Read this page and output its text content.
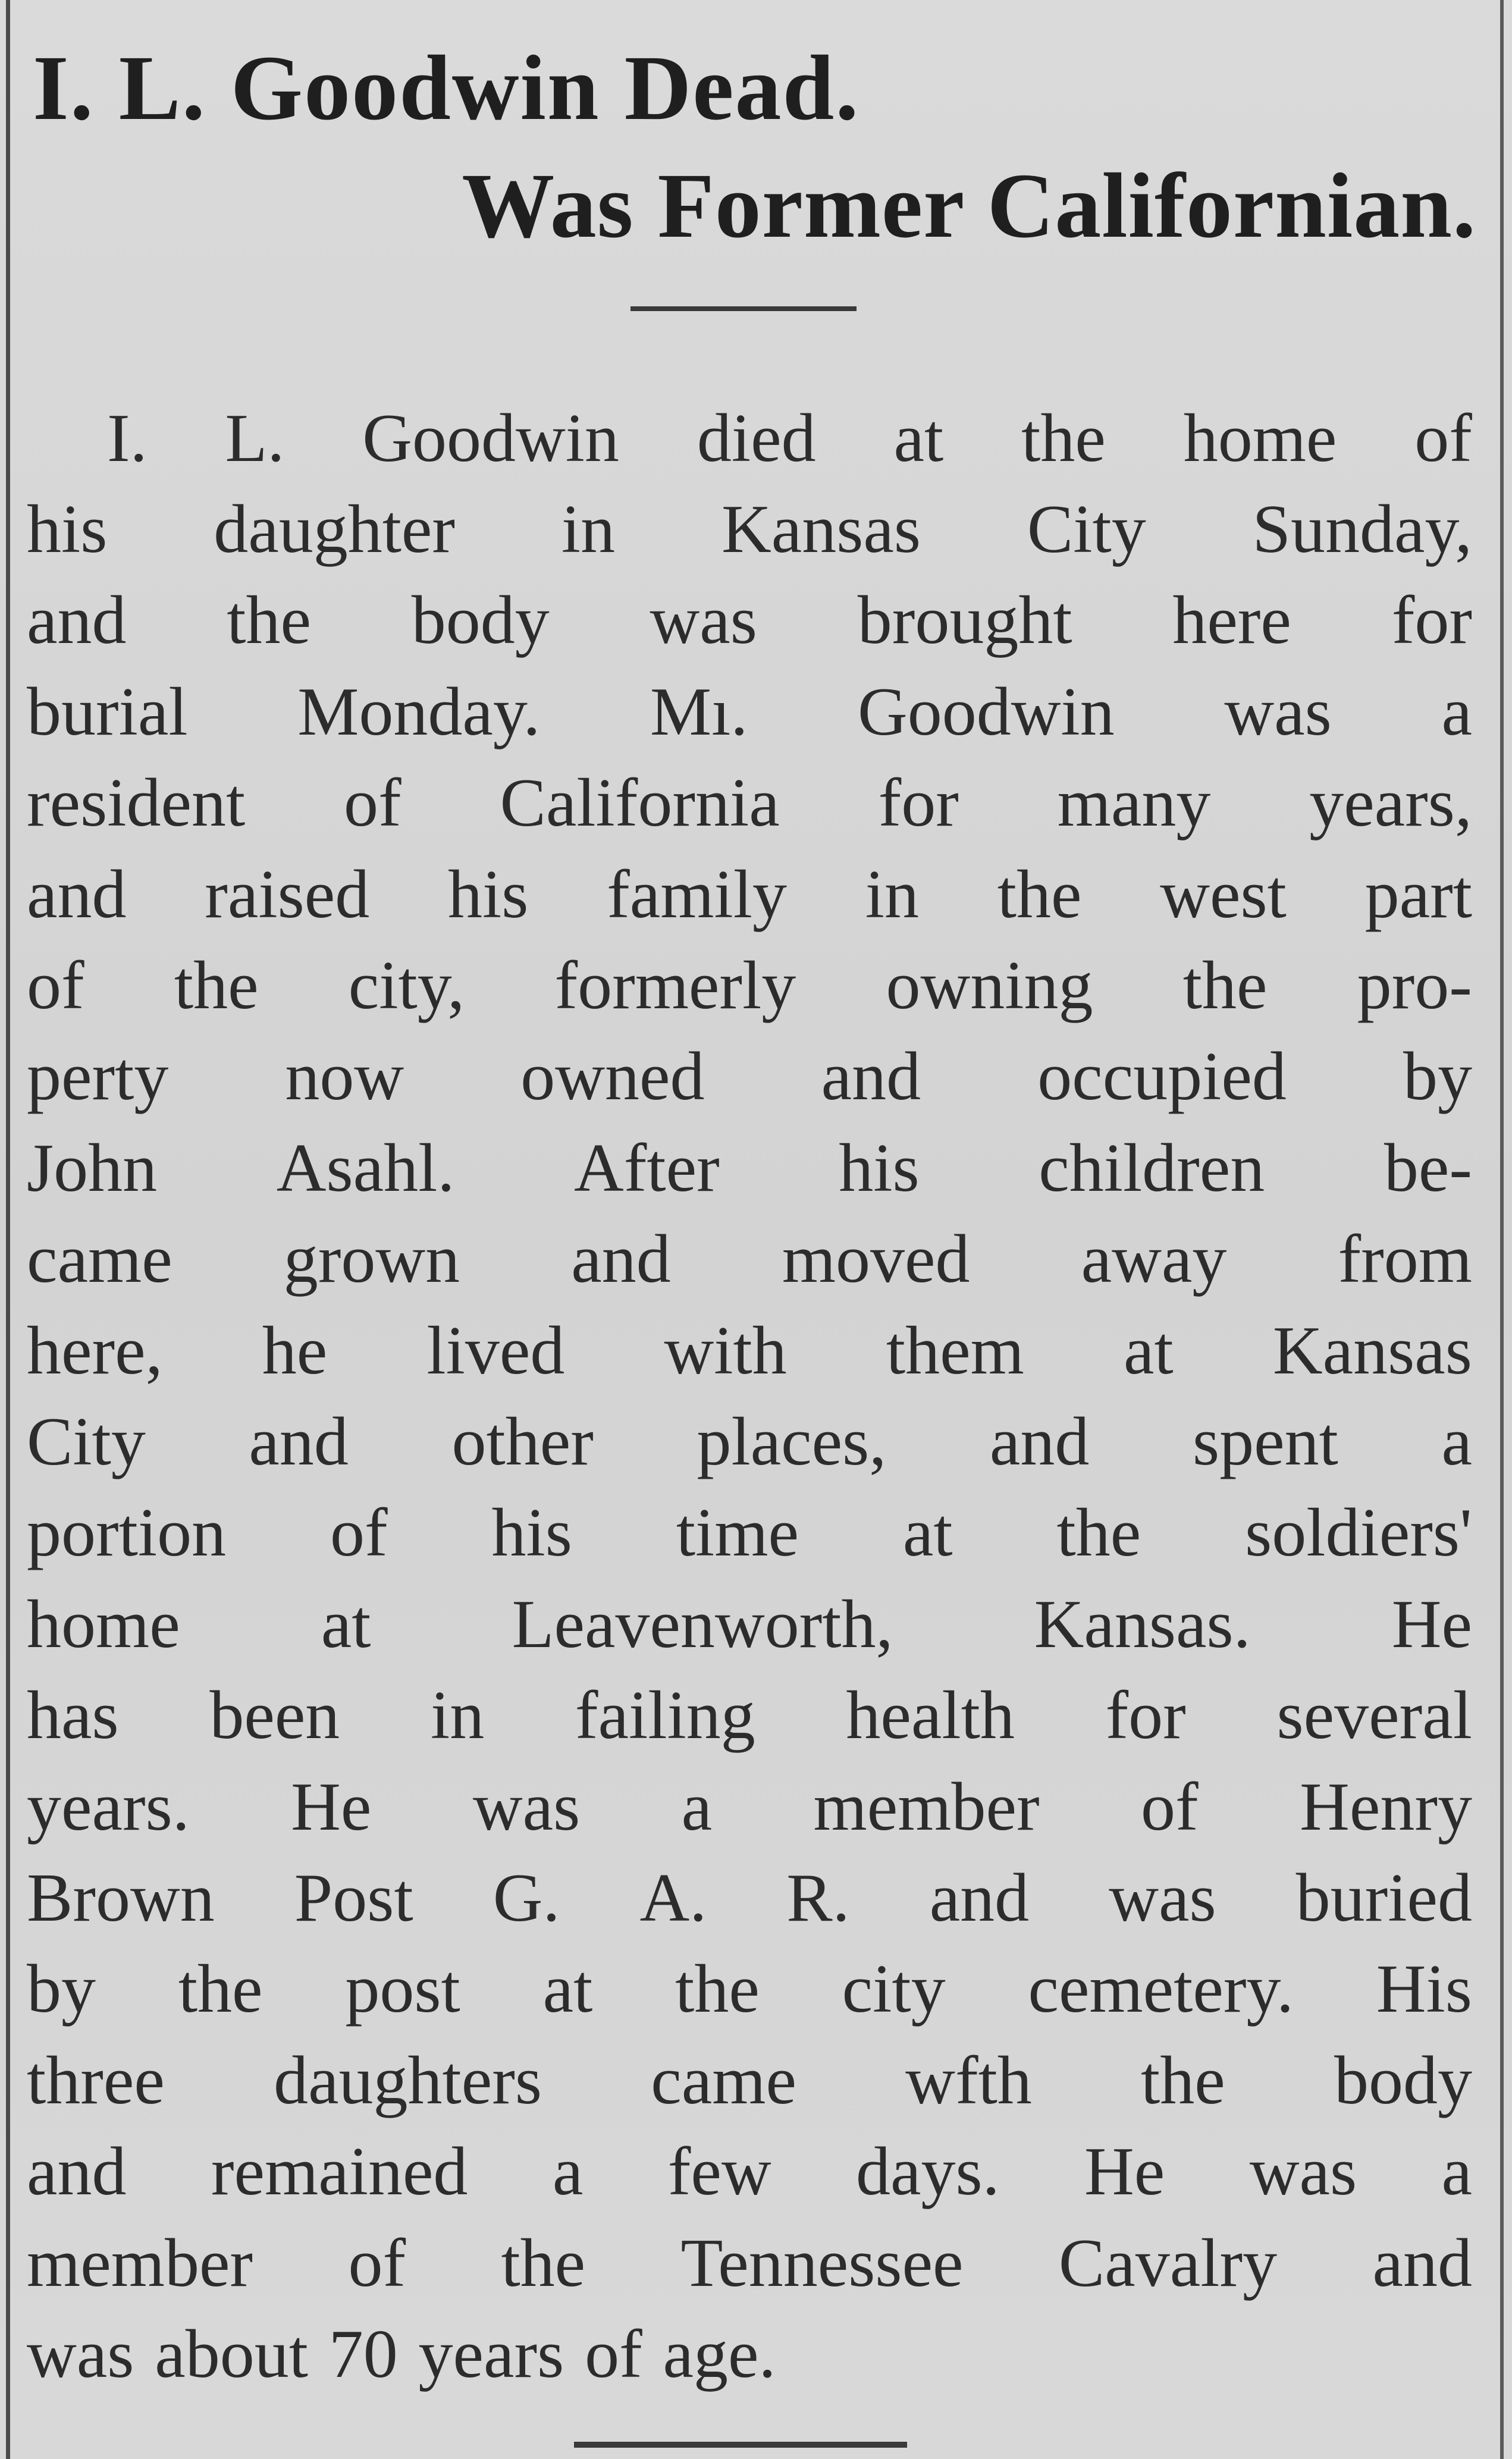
I. L. Goodwin Dead.
Was Former Californian.
I. L. Goodwin died at the home of
his daughter in Kansas City Sunday,
and the body was brought here for
burial Monday. Mı. Goodwin was a
resident of California for many years,
and raised his family in the west part
of the city, formerly owning the pro-
perty now owned and occupied by
John Asahl. After his children be-
came grown and moved away from
here, he lived with them at Kansas
City and other places, and spent a
portion of his time at the soldiers'
home at Leavenworth, Kansas. He
has been in failing health for several
years. He was a member of Henry
Brown Post G. A. R. and was buried
by the post at the city cemetery. His
three daughters came wfth the body
and remained a few days. He was a
member of the Tennessee Cavalry and
was about 70 years of age.
